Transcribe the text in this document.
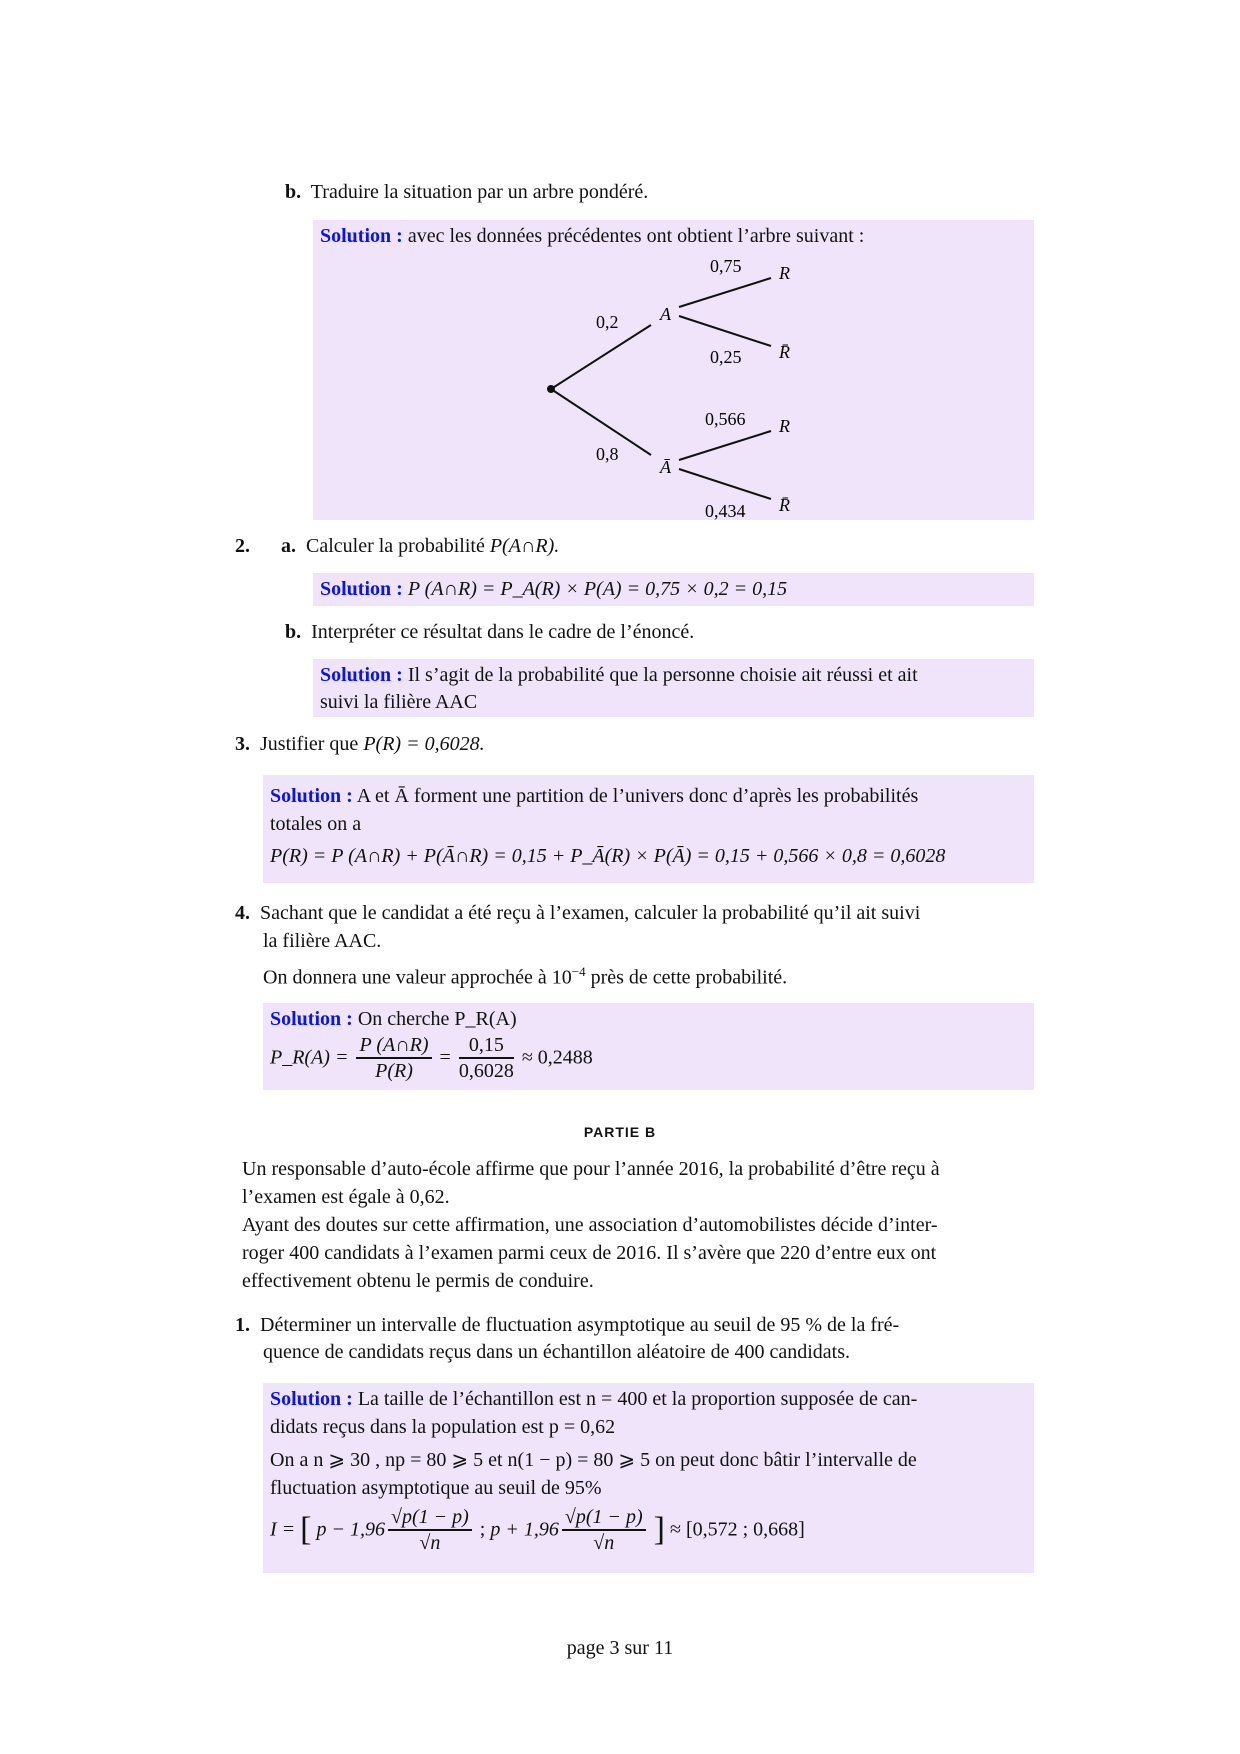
b. Traduire la situation par un arbre pondéré.
Solution : avec les données précédentes ont obtient l’arbre suivant :
A
Ā
0,2
0,8
R
R̄
R
R̄
0,75
0,25
0,566
0,434
2. a. Calculer la probabilité P(A∩R).
Solution : P (A∩R) = P_A(R) × P(A) = 0,75 × 0,2 = 0,15
b. Interpréter ce résultat dans le cadre de l’énoncé.
Solution : Il s’agit de la probabilité que la personne choisie ait réussi et ait
suivi la filière AAC
3. Justifier que P(R) = 0,6028.
Solution : A et Ā forment une partition de l’univers donc d’après les probabilités
totales on a
P(R) = P (A∩R) + P(Ā∩R) = 0,15 + P_Ā(R) × P(Ā) = 0,15 + 0,566 × 0,8 = 0,6028
4. Sachant que le candidat a été reçu à l’examen, calculer la probabilité qu’il ait suivi
la filière AAC.
On donnera une valeur approchée à $10^{-4}$ près de cette probabilité.
Solution : On cherche P_R(A)
P_R(A) = $\frac{P (A\cap R)}{P(R)} = \frac{0,15}{0,6028} \approx 0,2488$
PARTIE B
Un responsable d’auto-école affirme que pour l’année 2016, la probabilité d’être reçu à
l’examen est égale à 0,62.
Ayant des doutes sur cette affirmation, une association d’automobilistes décide d’inter-
roger 400 candidats à l’examen parmi ceux de 2016. Il s’avère que 220 d’entre eux ont
effectivement obtenu le permis de conduire.
1. Déterminer un intervalle de fluctuation asymptotique au seuil de 95 % de la fré-
quence de candidats reçus dans un échantillon aléatoire de 400 candidats.
Solution : La taille de l’échantillon est n = 400 et la proportion supposée de can-
didats reçus dans la population est p = 0,62
On a n ⩾ 30 , np = 80 ⩾ 5 et n(1 − p) = 80 ⩾ 5 on peut donc bâtir l’intervalle de
fluctuation asymptotique au seuil de 95%
I = [ $p - 1,96 \frac{√p(1 - p)}{√n}$ ; $p + 1,96 \frac{√p(1 - p)}{√n}$ ] ≈ [0,572 ; 0,668]
page 3 sur 11
